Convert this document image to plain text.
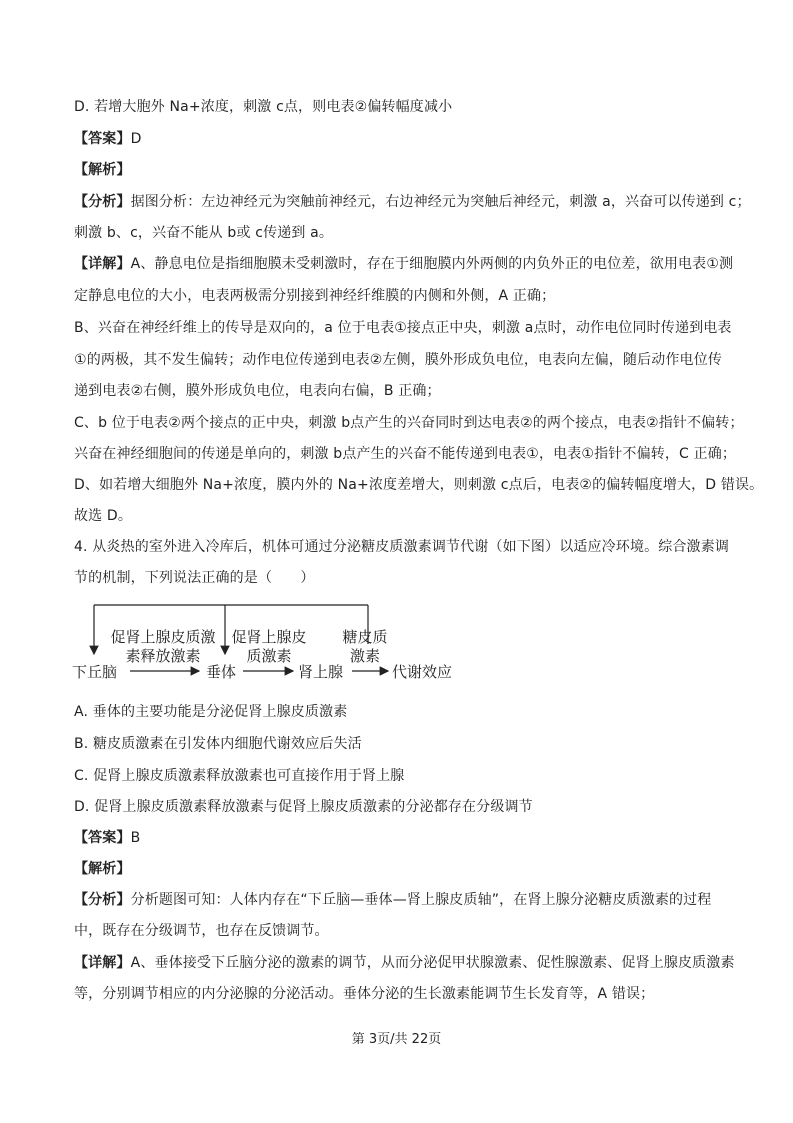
D. 若增大胞外 Na+浓度，刺激 c点，则电表②偏转幅度减小
【答案】D
【解析】
【分析】据图分析：左边神经元为突触前神经元，右边神经元为突触后神经元，刺激 a，兴奋可以传递到 c；
刺激 b、c，兴奋不能从 b或 c传递到 a。
【详解】A、静息电位是指细胞膜未受刺激时，存在于细胞膜内外两侧的内负外正的电位差，欲用电表①测
定静息电位的大小，电表两极需分别接到神经纤维膜的内侧和外侧，A 正确；
B、兴奋在神经纤维上的传导是双向的，a 位于电表①接点正中央，刺激 a点时，动作电位同时传递到电表
①的两极，其不发生偏转；动作电位传递到电表②左侧，膜外形成负电位，电表向左偏，随后动作电位传
递到电表②右侧，膜外形成负电位，电表向右偏，B 正确；
C、b 位于电表②两个接点的正中央，刺激 b点产生的兴奋同时到达电表②的两个接点，电表②指针不偏转；
兴奋在神经细胞间的传递是单向的，刺激 b点产生的兴奋不能传递到电表①，电表①指针不偏转，C 正确；
D、如若增大细胞外 Na+浓度，膜内外的 Na+浓度差增大，则刺激 c点后，电表②的偏转幅度增大，D 错误。
故选 D。
4. 从炎热的室外进入冷库后，机体可通过分泌糖皮质激素调节代谢（如下图）以适应冷环境。综合激素调
节的机制，下列说法正确的是（　　）
下丘脑	垂体	肾上腺	代谢效应
促肾上腺皮质激
素释放激素
促肾上腺皮
质激素
糖皮质
激素
A. 垂体的主要功能是分泌促肾上腺皮质激素
B. 糖皮质激素在引发体内细胞代谢效应后失活
C. 促肾上腺皮质激素释放激素也可直接作用于肾上腺
D. 促肾上腺皮质激素释放激素与促肾上腺皮质激素的分泌都存在分级调节
【答案】B
【解析】
【分析】分析题图可知：人体内存在“下丘脑—垂体—肾上腺皮质轴”，在肾上腺分泌糖皮质激素的过程
中，既存在分级调节，也存在反馈调节。
【详解】A、垂体接受下丘脑分泌的激素的调节，从而分泌促甲状腺激素、促性腺激素、促肾上腺皮质激素
等，分别调节相应的内分泌腺的分泌活动。垂体分泌的生长激素能调节生长发育等，A 错误；
第 3页/共 22页
